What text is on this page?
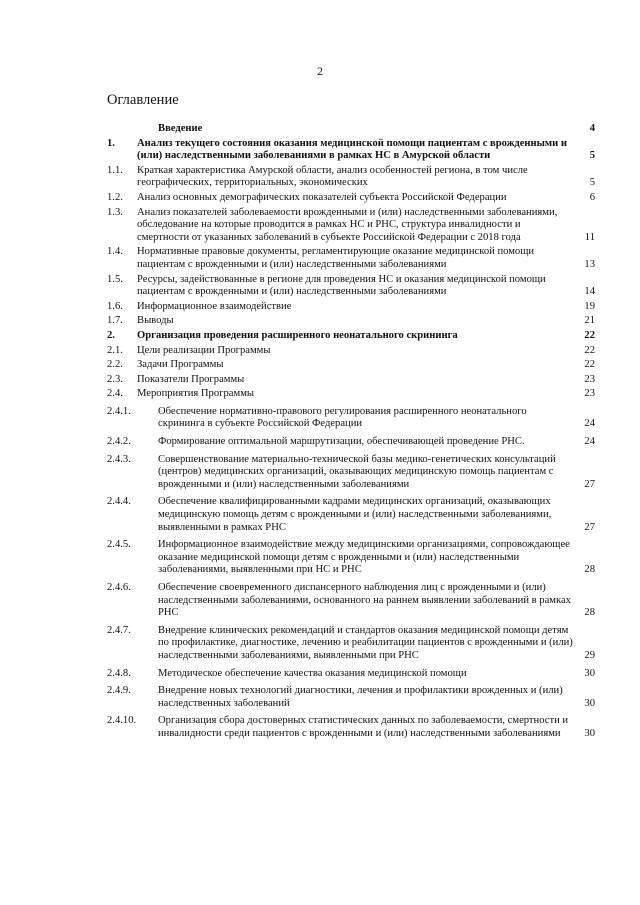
2
Оглавление
Введение	4
1.	Анализ текущего состояния оказания медицинской помощи пациентам с врожденными и (или) наследственными заболеваниями в рамках НС в Амурской области	5
1.1.	Краткая характеристика Амурской области, анализ особенностей региона, в том числе географических, территориальных, экономических	5
1.2.	Анализ основных демографических показателей субъекта Российской Федерации	6
1.3.	Анализ показателей заболеваемости врожденными и (или) наследственными заболеваниями, обследование на которые проводится в рамках НС и РНС, структура инвалидности и смертности от указанных заболеваний в субъекте Российской Федерации с 2018 года	11
1.4.	Нормативные правовые документы, регламентирующие оказание медицинской помощи пациентам с врожденными и (или) наследственными заболеваниями	13
1.5.	Ресурсы, задействованные в регионе для проведения НС и оказания медицинской помощи пациентам с врожденными и (или) наследственными заболеваниями	14
1.6.	Информационное взаимодействие	19
1.7.	Выводы	21
2.	Организация проведения расширенного неонатального скрининга	22
2.1.	Цели реализации Программы	22
2.2.	Задачи Программы	22
2.3.	Показатели Программы	23
2.4.	Мероприятия Программы	23
2.4.1.	Обеспечение нормативно-правового регулирования расширенного неонатального скрининга в субъекте Российской Федерации	24
2.4.2.	Формирование оптимальной маршрутизации, обеспечивающей проведение РНС.	24
2.4.3.	Совершенствование материально-технической базы медико-генетических консультаций (центров) медицинских организаций, оказывающих медицинскую помощь пациентам с врожденными и (или) наследственными заболеваниями	27
2.4.4.	Обеспечение квалифицированными кадрами медицинских организаций, оказывающих медицинскую помощь детям с врожденными и (или) наследственными заболеваниями, выявленными в рамках РНС	27
2.4.5.	Информационное взаимодействие между медицинскими организациями, сопровождающее оказание медицинской помощи детям с врожденными и (или) наследственными заболеваниями, выявленными при НС и РНС	28
2.4.6.	Обеспечение своевременного диспансерного наблюдения лиц с врожденными и (или) наследственными заболеваниями, основанного на раннем выявлении заболеваний в рамках РНС	28
2.4.7.	Внедрение клинических рекомендаций и стандартов оказания медицинской помощи детям по профилактике, диагностике, лечению и реабилитации пациентов с врожденными и (или) наследственными заболеваниями, выявленными при РНС	29
2.4.8.	Методическое обеспечение качества оказания медицинской помощи	30
2.4.9.	Внедрение новых технологий диагностики, лечения и профилактики врожденных и (или) наследственных заболеваний	30
2.4.10.	Организация сбора достоверных статистических данных по заболеваемости, смертности и инвалидности среди пациентов с врожденными и (или) наследственными заболеваниями	30
